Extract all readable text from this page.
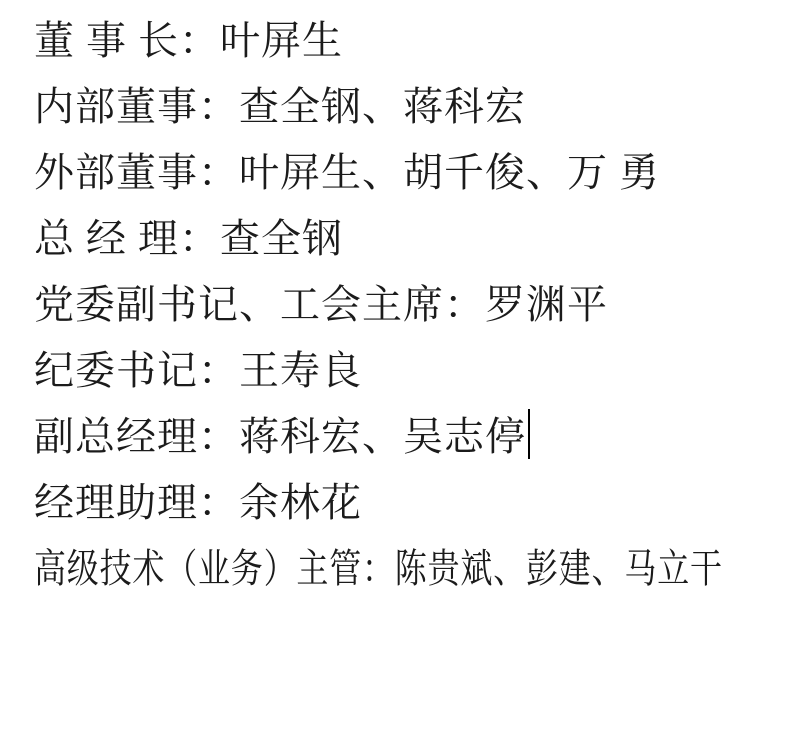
董 事 长：叶屏生
内部董事：查全钢、蒋科宏
外部董事：叶屏生、胡千俊、万 勇
总 经 理：查全钢
党委副书记、工会主席：罗渊平
纪委书记：王寿良
副总经理：蒋科宏、吴志停
经理助理：余林花
高级技术（业务）主管：陈贵斌、彭建、马立干
